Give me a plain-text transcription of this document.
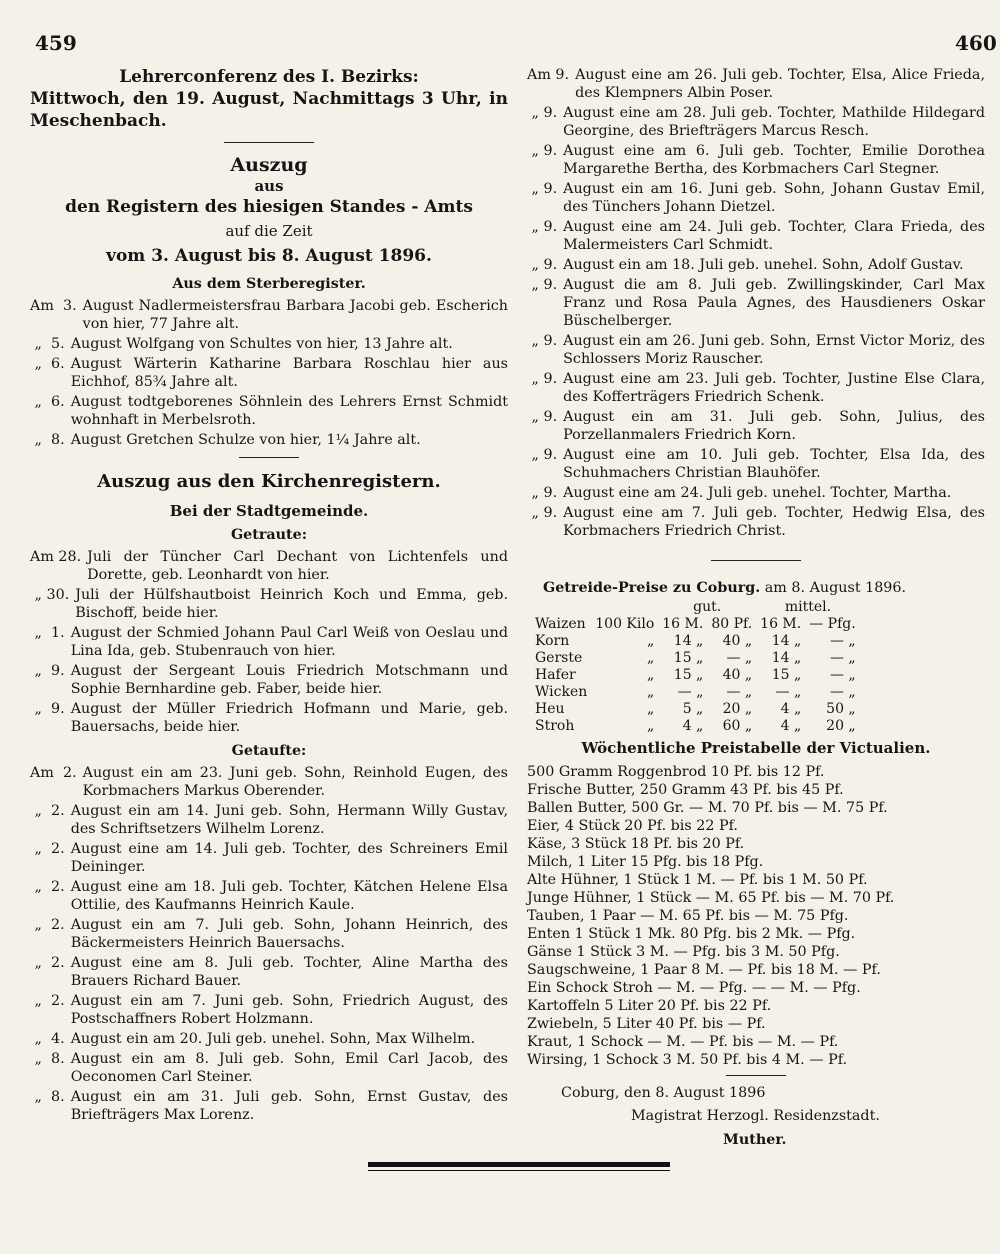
459	460
Lehrerconferenz des I. Bezirks:
Mittwoch, den 19. August, Nachmittags 3 Uhr, in Meschenbach.
Auszug
aus
den Registern des hiesigen Standes - Amts
auf die Zeit
vom 3. August bis 8. August 1896.
Aus dem Sterberegister.
Am  3. August Nadlermeistersfrau Barbara Jacobi geb. Escherich von hier, 77 Jahre alt.
„  5. August Wolfgang von Schultes von hier, 13 Jahre alt.
„  6. August Wärterin Katharine Barbara Roschlau hier aus Eichhof, 85¾ Jahre alt.
„  6. August todtgeborenes Söhnlein des Lehrers Ernst Schmidt wohnhaft in Merbelsroth.
„  8. August Gretchen Schulze von hier, 1¼ Jahre alt.
Auszug aus den Kirchenregistern.
Bei der Stadtgemeinde.
Getraute:
Am 28. Juli der Tüncher Carl Dechant von Lichtenfels und Dorette, geb. Leonhardt von hier.
„ 30. Juli der Hülfshautboist Heinrich Koch und Emma, geb. Bischoff, beide hier.
„  1. August der Schmied Johann Paul Carl Weiß von Oeslau und Lina Ida, geb. Stubenrauch von hier.
„  9. August der Sergeant Louis Friedrich Motschmann und Sophie Bernhardine geb. Faber, beide hier.
„  9. August der Müller Friedrich Hofmann und Marie, geb. Bauersachs, beide hier.
Getaufte:
Am  2. August ein am 23. Juni geb. Sohn, Reinhold Eugen, des Korbmachers Markus Oberender.
„  2. August ein am 14. Juni geb. Sohn, Hermann Willy Gustav, des Schriftsetzers Wilhelm Lorenz.
„  2. August eine am 14. Juli geb. Tochter, des Schreiners Emil Deininger.
„  2. August eine am 18. Juli geb. Tochter, Kätchen Helene Elsa Ottilie, des Kaufmanns Heinrich Kaule.
„  2. August ein am 7. Juli geb. Sohn, Johann Heinrich, des Bäckermeisters Heinrich Bauersachs.
„  2. August eine am 8. Juli geb. Tochter, Aline Martha des Brauers Richard Bauer.
„  2. August ein am 7. Juni geb. Sohn, Friedrich August, des Postschaffners Robert Holzmann.
„  4. August ein am 20. Juli geb. unehel. Sohn, Max Wilhelm.
„  8. August ein am 8. Juli geb. Sohn, Emil Carl Jacob, des Oeconomen Carl Steiner.
„  8. August ein am 31. Juli geb. Sohn, Ernst Gustav, des Briefträgers Max Lorenz.
Am 9. August eine am 26. Juli geb. Tochter, Elsa, Alice Frieda, des Klempners Albin Poser.
„ 9. August eine am 28. Juli geb. Tochter, Mathilde Hildegard Georgine, des Briefträgers Marcus Resch.
„ 9. August eine am 6. Juli geb. Tochter, Emilie Dorothea Margarethe Bertha, des Korbmachers Carl Stegner.
„ 9. August ein am 16. Juni geb. Sohn, Johann Gustav Emil, des Tünchers Johann Dietzel.
„ 9. August eine am 24. Juli geb. Tochter, Clara Frieda, des Malermeisters Carl Schmidt.
„ 9. August ein am 18. Juli geb. unehel. Sohn, Adolf Gustav.
„ 9. August die am 8. Juli geb. Zwillingskinder, Carl Max Franz und Rosa Paula Agnes, des Hausdieners Oskar Büschelberger.
„ 9. August ein am 26. Juni geb. Sohn, Ernst Victor Moriz, des Schlossers Moriz Rauscher.
„ 9. August eine am 23. Juli geb. Tochter, Justine Else Clara, des Kofferträgers Friedrich Schenk.
„ 9. August ein am 31. Juli geb. Sohn, Julius, des Porzellanmalers Friedrich Korn.
„ 9. August eine am 10. Juli geb. Tochter, Elsa Ida, des Schuhmachers Christian Blauhöfer.
„ 9. August eine am 24. Juli geb. unehel. Tochter, Martha.
„ 9. August eine am 7. Juli geb. Tochter, Hedwig Elsa, des Korbmachers Friedrich Christ.
Getreide-Preise zu Coburg. am 8. August 1896.
		gut.		mittel.	
Waizen	100 Kilo	16 M.	80 Pf.	16 M.	— Pfg.
Korn	„	14 „	40 „	14 „	— „
Gerste	„	15 „	— „	14 „	— „
Hafer	„	15 „	40 „	15 „	— „
Wicken	„	— „	— „	— „	— „
Heu	„	5 „	20 „	4 „	50 „
Stroh	„	4 „	60 „	4 „	20 „
Wöchentliche Preistabelle der Victualien.
500 Gramm Roggenbrod 10 Pf. bis 12 Pf.
Frische Butter, 250 Gramm 43 Pf. bis 45 Pf.
Ballen Butter, 500 Gr. — M. 70 Pf. bis — M. 75 Pf.
Eier, 4 Stück 20 Pf. bis 22 Pf.
Käse, 3 Stück 18 Pf. bis 20 Pf.
Milch, 1 Liter 15 Pfg. bis 18 Pfg.
Alte Hühner, 1 Stück 1 M. — Pf. bis 1 M. 50 Pf.
Junge Hühner, 1 Stück — M. 65 Pf. bis — M. 70 Pf.
Tauben, 1 Paar — M. 65 Pf. bis — M. 75 Pfg.
Enten 1 Stück 1 Mk. 80 Pfg. bis 2 Mk. — Pfg.
Gänse 1 Stück 3 M. — Pfg. bis 3 M. 50 Pfg.
Saugschweine, 1 Paar 8 M. — Pf. bis 18 M. — Pf.
Ein Schock Stroh — M. — Pfg. — — M. — Pfg.
Kartoffeln 5 Liter 20 Pf. bis 22 Pf.
Zwiebeln, 5 Liter 40 Pf. bis — Pf.
Kraut, 1 Schock — M. — Pf. bis — M. — Pf.
Wirsing, 1 Schock 3 M. 50 Pf. bis 4 M. — Pf.
Coburg, den 8. August 1896
Magistrat Herzogl. Residenzstadt.
Muther.
